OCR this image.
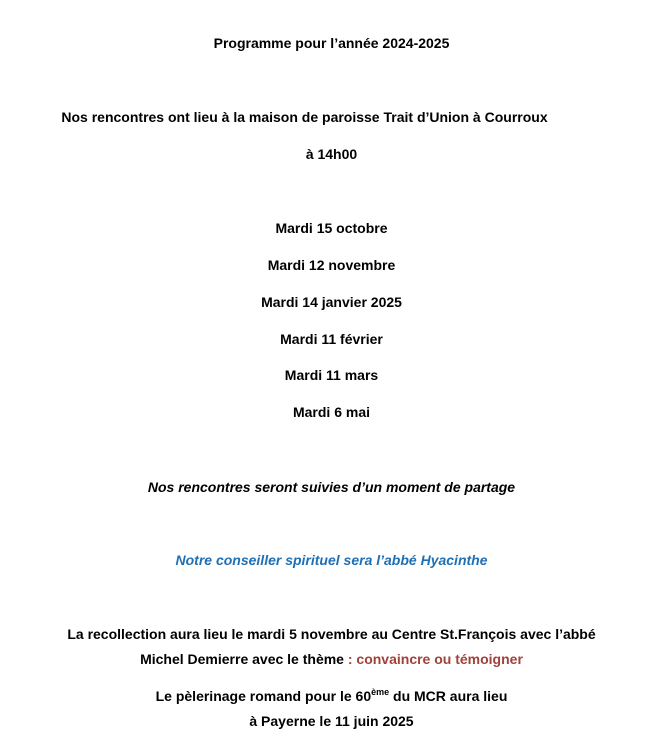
Programme pour l’année 2024-2025
Nos rencontres ont lieu à la maison de paroisse Trait d’Union à Courroux
à 14h00
Mardi 15 octobre
Mardi 12 novembre
Mardi 14 janvier 2025
Mardi 11 février
Mardi 11 mars
Mardi 6 mai
Nos rencontres seront suivies d’un moment de partage
Notre conseiller spirituel sera l’abbé Hyacinthe
La recollection aura lieu le mardi 5 novembre au Centre St.François avec l’abbé
Michel Demierre avec le thème : convaincre ou témoigner
Le pèlerinage romand pour le 60ème du MCR aura lieu
à Payerne le 11 juin 2025
